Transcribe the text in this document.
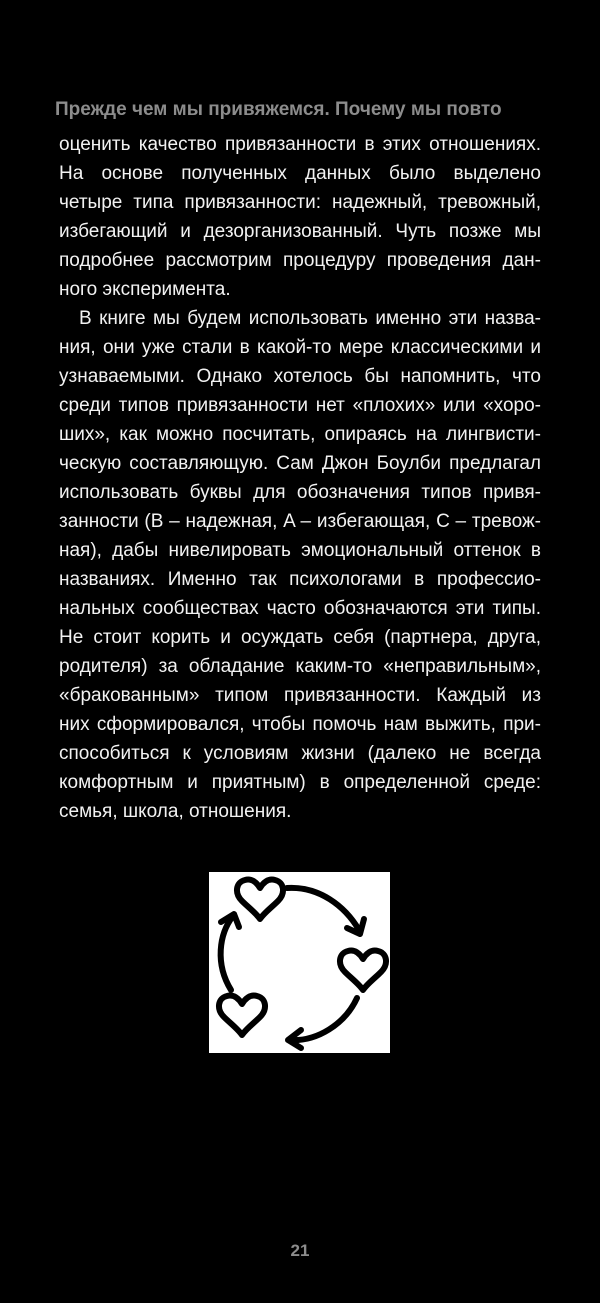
Прежде чем мы привяжемся. Почему мы повто
оценить качество привязанности в этих отношениях.
На основе полученных данных было выделено
четыре типа привязанности: надежный, тревожный,
избегающий и дезорганизованный. Чуть позже мы
подробнее рассмотрим процедуру проведения дан-
ного эксперимента.
В книге мы будем использовать именно эти назва-
ния, они уже стали в какой-то мере классическими и
узнаваемыми. Однако хотелось бы напомнить, что
среди типов привязанности нет «плохих» или «хоро-
ших», как можно посчитать, опираясь на лингвисти-
ческую составляющую. Сам Джон Боулби предлагал
использовать буквы для обозначения типов привя-
занности (B – надежная, A – избегающая, C – тревож-
ная), дабы нивелировать эмоциональный оттенок в
названиях. Именно так психологами в профессио-
нальных сообществах часто обозначаются эти типы.
Не стоит корить и осуждать себя (партнера, друга,
родителя) за обладание каким-то «неправильным»,
«бракованным» типом привязанности. Каждый из
них сформировался, чтобы помочь нам выжить, при-
способиться к условиям жизни (далеко не всегда
комфортным и приятным) в определенной среде:
семья, школа, отношения.
21
